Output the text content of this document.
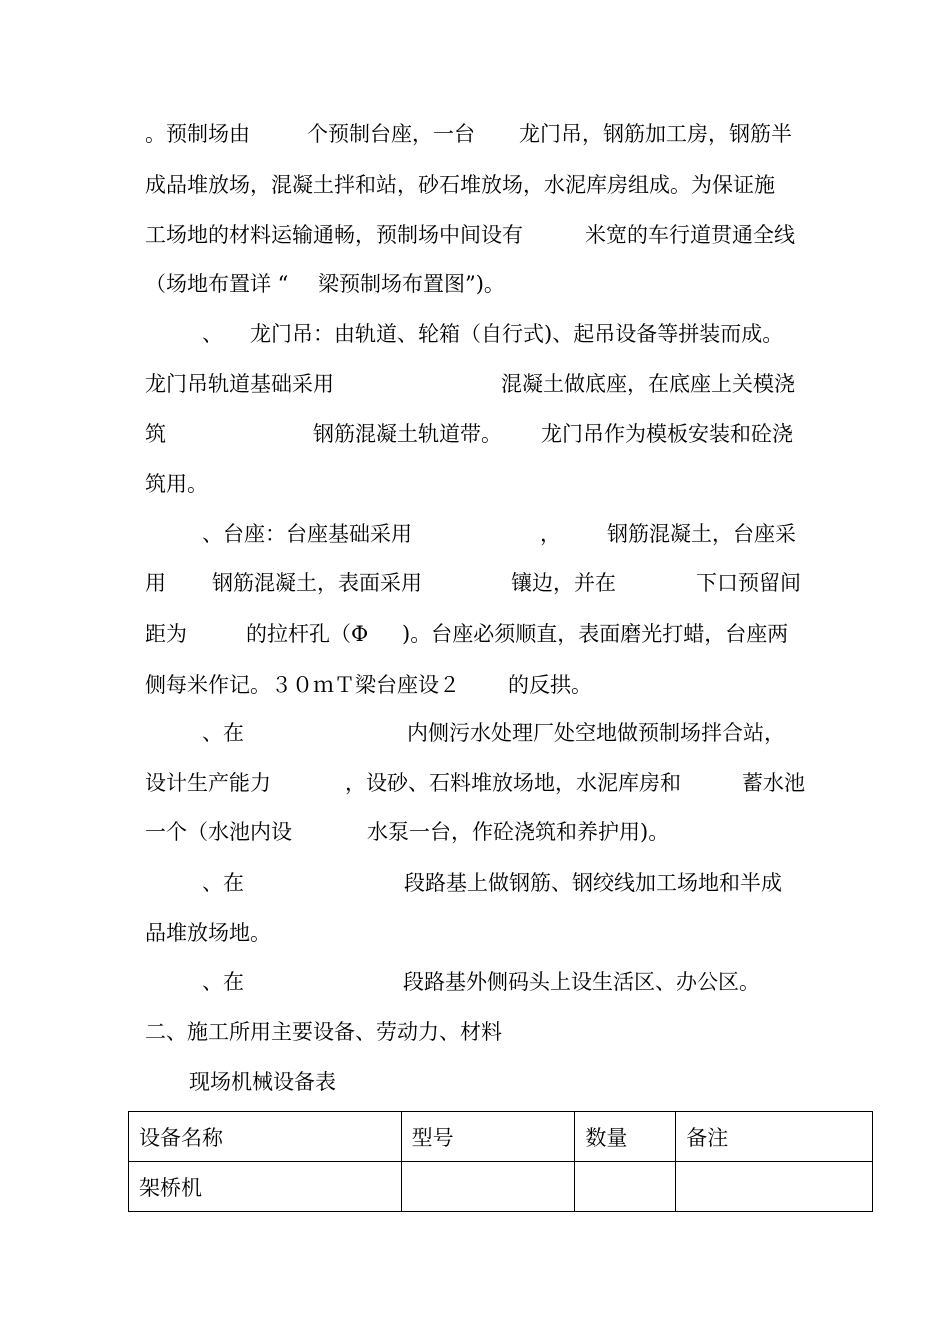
。预制场由

	个预制台座，一台

龙门吊，钢筋加工房，钢筋半

成品堆放场，混凝土拌和站，砂石堆放场，水泥库房组成。为保证施

工场地的材料运输通畅，预制场中间设有

	米宽的车行道贯通全线

（场地布置详 “

梁预制场布置图”)。

、

龙门吊：由轨道、轮箱（自行式)、起吊设备等拼装而成。

龙门吊轨道基础采用

	混凝土做底座，在底座上关模浇

筑

	钢筋混凝土轨道带。

龙门吊作为模板安装和砼浇

筑用。

、台座：台座基础采用

	，

钢筋混凝土，台座采

用

钢筋混凝土，表面采用

	镶边，并在

	下口预留间

距为

	的拉杆孔（Φ

)。台座必须顺直，表面磨光打蜡，台座两

侧每米作记。３０ｍＴ梁台座设２

的反拱。

、在

	内侧污水处理厂处空地做预制场拌合站，

设计生产能力

	，设砂、石料堆放场地，水泥库房和

	蓄水池

一个（水池内设

	水泵一台，作砼浇筑和养护用)。

、在

	段路基上做钢筋、钢绞线加工场地和半成

品堆放场地。

、在

	段路基外侧码头上设生活区、办公区。

二、施工所用主要设备、劳动力、材料

现场机械设备表

设备名称	型号	数量	备注
架桥机			
